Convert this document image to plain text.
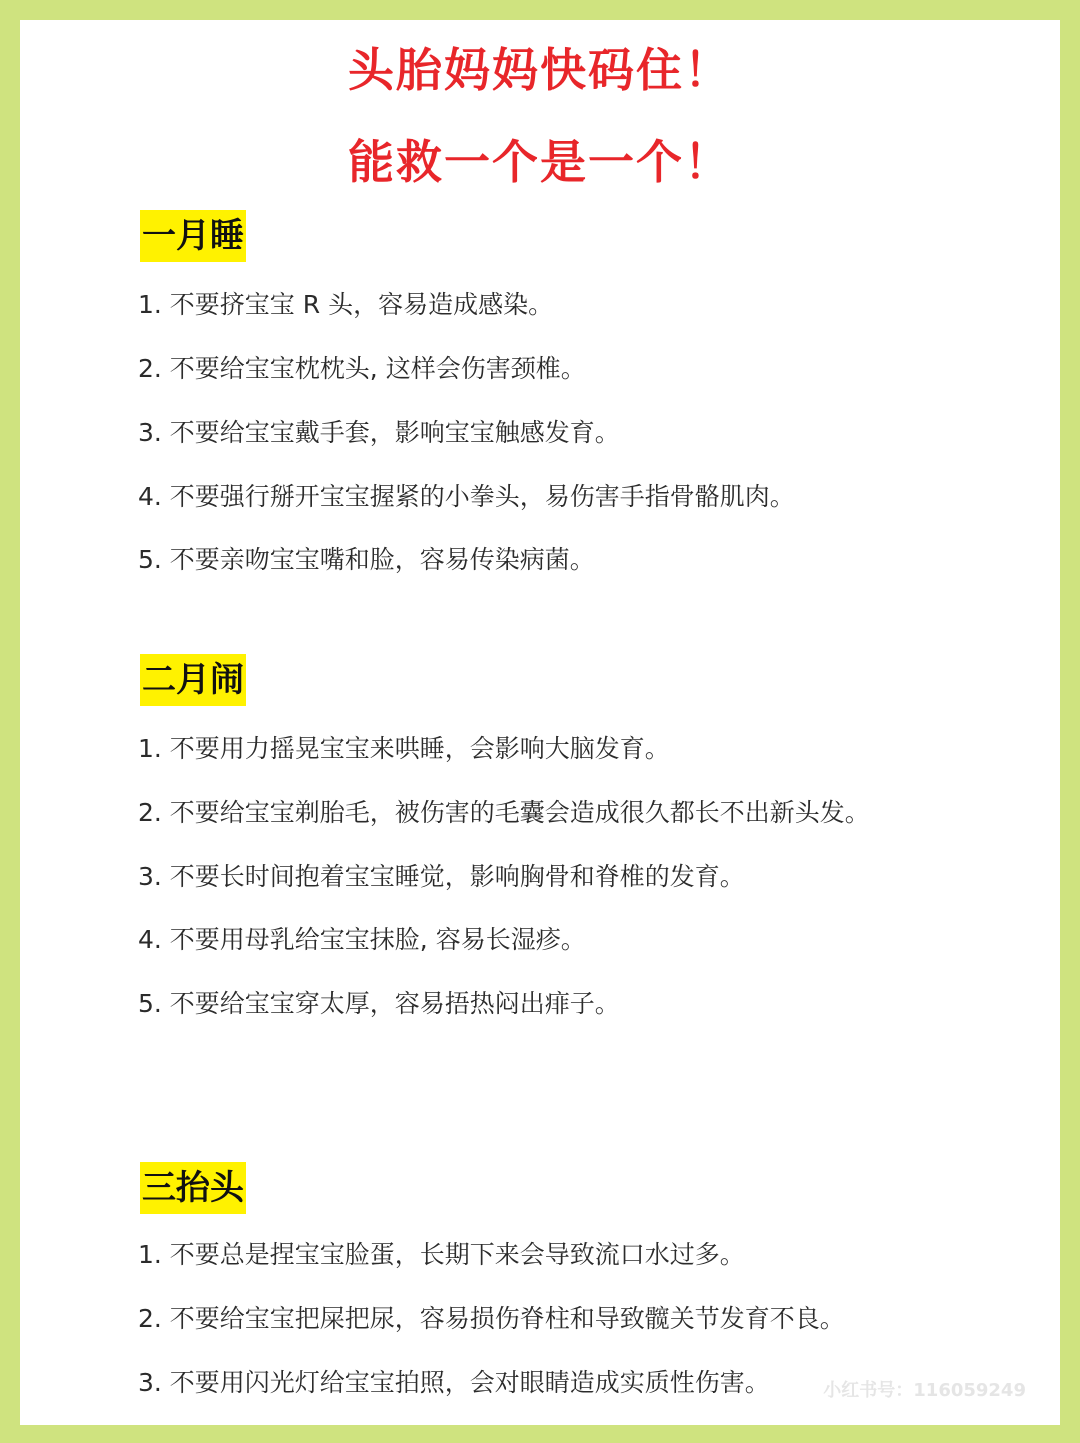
头胎妈妈快码住！
能救一个是一个！
一月睡
1. 不要挤宝宝 R 头，容易造成感染。
2. 不要给宝宝枕枕头, 这样会伤害颈椎。
3. 不要给宝宝戴手套，影响宝宝触感发育。
4. 不要强行掰开宝宝握紧的小拳头，易伤害手指骨骼肌肉。
5. 不要亲吻宝宝嘴和脸，容易传染病菌。
二月闹
1. 不要用力摇晃宝宝来哄睡，会影响大脑发育。
2. 不要给宝宝剃胎毛，被伤害的毛囊会造成很久都长不出新头发。
3. 不要长时间抱着宝宝睡觉，影响胸骨和脊椎的发育。
4. 不要用母乳给宝宝抹脸, 容易长湿疹。
5. 不要给宝宝穿太厚，容易捂热闷出痱子。
三抬头
1. 不要总是捏宝宝脸蛋，长期下来会导致流口水过多。
2. 不要给宝宝把屎把尿，容易损伤脊柱和导致髋关节发育不良。
3. 不要用闪光灯给宝宝拍照，会对眼睛造成实质性伤害。	小红书号：116059249
